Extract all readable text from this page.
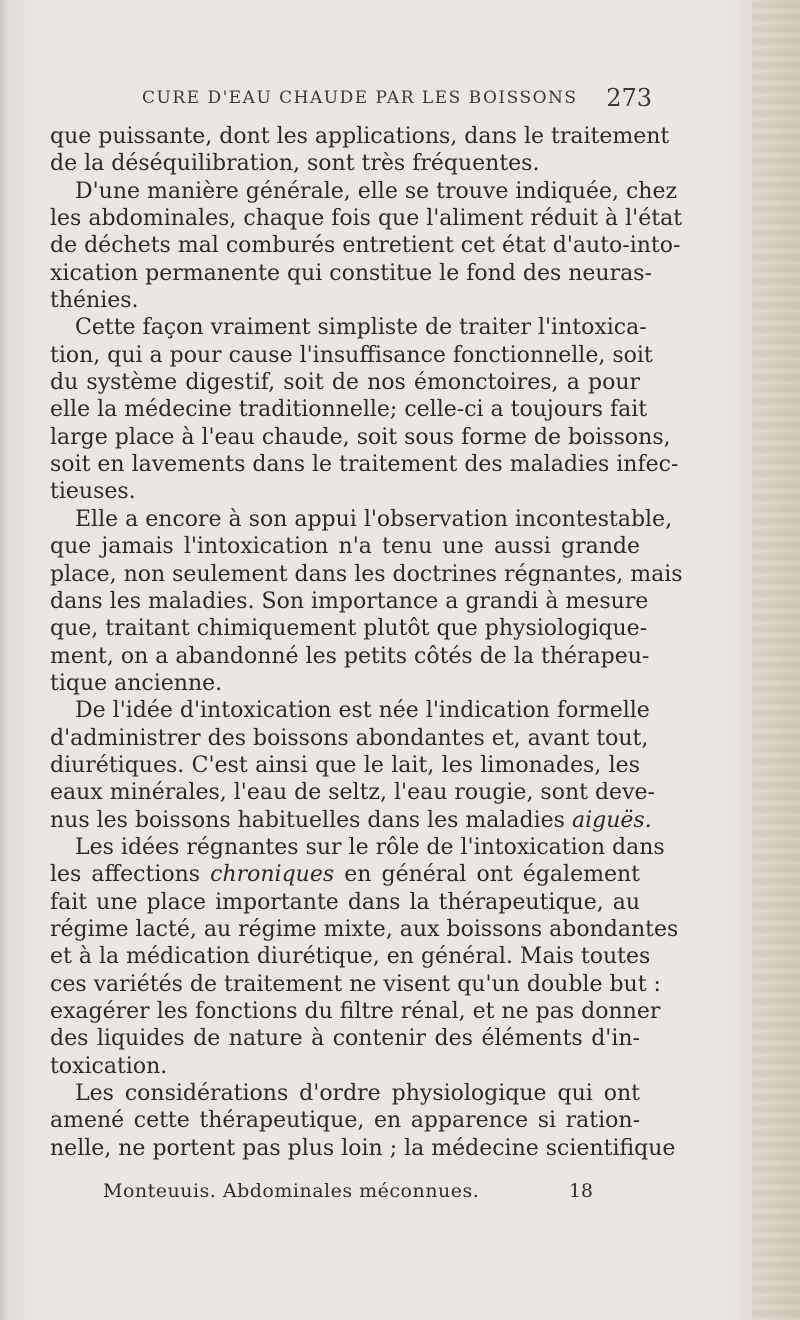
CURE D'EAU CHAUDE PAR LES BOISSONS 273
que puissante, dont les applications, dans le traitement
de la déséquilibration, sont très fréquentes.
D'une manière générale, elle se trouve indiquée, chez
les abdominales, chaque fois que l'aliment réduit à l'état
de déchets mal comburés entretient cet état d'auto-into-
xication permanente qui constitue le fond des neuras-
thénies.
Cette façon vraiment simpliste de traiter l'intoxica-
tion, qui a pour cause l'insuffisance fonctionnelle, soit
du système digestif, soit de nos émonctoires, a pour
elle la médecine traditionnelle; celle-ci a toujours fait
large place à l'eau chaude, soit sous forme de boissons,
soit en lavements dans le traitement des maladies infec-
tieuses.
Elle a encore à son appui l'observation incontestable,
que jamais l'intoxication n'a tenu une aussi grande
place, non seulement dans les doctrines régnantes, mais
dans les maladies. Son importance a grandi à mesure
que, traitant chimiquement plutôt que physiologique-
ment, on a abandonné les petits côtés de la thérapeu-
tique ancienne.
De l'idée d'intoxication est née l'indication formelle
d'administrer des boissons abondantes et, avant tout,
diurétiques. C'est ainsi que le lait, les limonades, les
eaux minérales, l'eau de seltz, l'eau rougie, sont deve-
nus les boissons habituelles dans les maladies aiguës.
Les idées régnantes sur le rôle de l'intoxication dans
les affections chroniques en général ont également
fait une place importante dans la thérapeutique, au
régime lacté, au régime mixte, aux boissons abondantes
et à la médication diurétique, en général. Mais toutes
ces variétés de traitement ne visent qu'un double but :
exagérer les fonctions du filtre rénal, et ne pas donner
des liquides de nature à contenir des éléments d'in-
toxication.
Les considérations d'ordre physiologique qui ont
amené cette thérapeutique, en apparence si ration-
nelle, ne portent pas plus loin ; la médecine scientifique
Monteuuis. Abdominales méconnues.	18
